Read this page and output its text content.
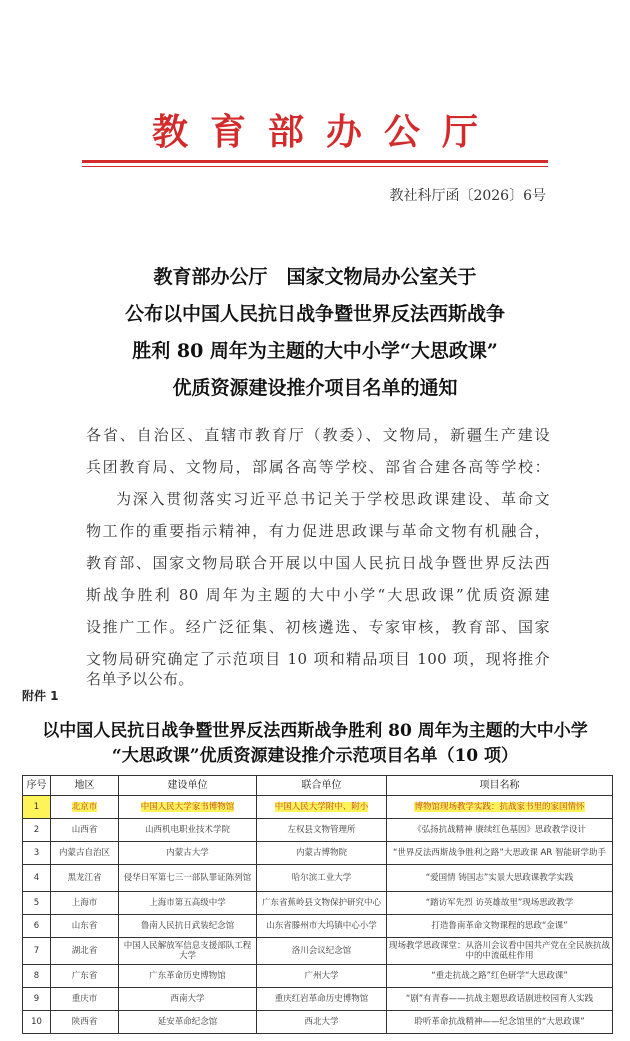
教育部办公厅
教社科厅函〔2026〕6号
教育部办公厅　国家文物局办公室关于
公布以中国人民抗日战争暨世界反法西斯战争
胜利 80 周年为主题的大中小学“大思政课”
优质资源建设推介项目名单的通知
各省、自治区、直辖市教育厅（教委）、文物局，新疆生产建设
兵团教育局、文物局，部属各高等学校、部省合建各高等学校：
为深入贯彻落实习近平总书记关于学校思政课建设、革命文
物工作的重要指示精神，有力促进思政课与革命文物有机融合，
教育部、国家文物局联合开展以中国人民抗日战争暨世界反法西
斯战争胜利 80 周年为主题的大中小学“大思政课”优质资源建
设推广工作。经广泛征集、初核遴选、专家审核，教育部、国家
文物局研究确定了示范项目 10 项和精品项目 100 项，现将推介
名单予以公布。
附件 1
以中国人民抗日战争暨世界反法西斯战争胜利 80 周年为主题的大中小学
“大思政课”优质资源建设推介示范项目名单（10 项）
序号	地区	建设单位	联合单位	项目名称
1	北京市	中国人民大学家书博物馆	中国人民大学附中、附小	博物馆现场教学实践：抗战家书里的家国情怀
2	山西省	山西机电职业技术学院	左权县文物管理所	《弘扬抗战精神 赓续红色基因》思政教学设计
3	内蒙古自治区	内蒙古大学	内蒙古博物院	“世界反法西斯战争胜利之路”大思政课 AR 智能研学助手
4	黑龙江省	侵华日军第七三一部队罪证陈列馆	哈尔滨工业大学	“爱国情 铸国志”实景大思政课教学实践
5	上海市	上海市第五高级中学	广东省蕉岭县文物保护研究中心	“踏访军先烈 访英雄故里”现场思政教学
6	山东省	鲁南人民抗日武装纪念馆	山东省滕州市大坞镇中心小学	打造鲁南革命文物课程的思政“金课”
7	湖北省	中国人民解放军信息支援部队工程大学	洛川会议纪念馆	现场教学思政课堂：从洛川会议看中国共产党在全民族抗战中的中流砥柱作用
8	广东省	广东革命历史博物馆	广州大学	“重走抗战之路”红色研学“大思政课”
9	重庆市	西南大学	重庆红岩革命历史博物馆	“剧”有青春——抗战主题思政话剧进校园育人实践
10	陕西省	延安革命纪念馆	西北大学	聆听革命抗战精神——纪念馆里的“大思政课”
